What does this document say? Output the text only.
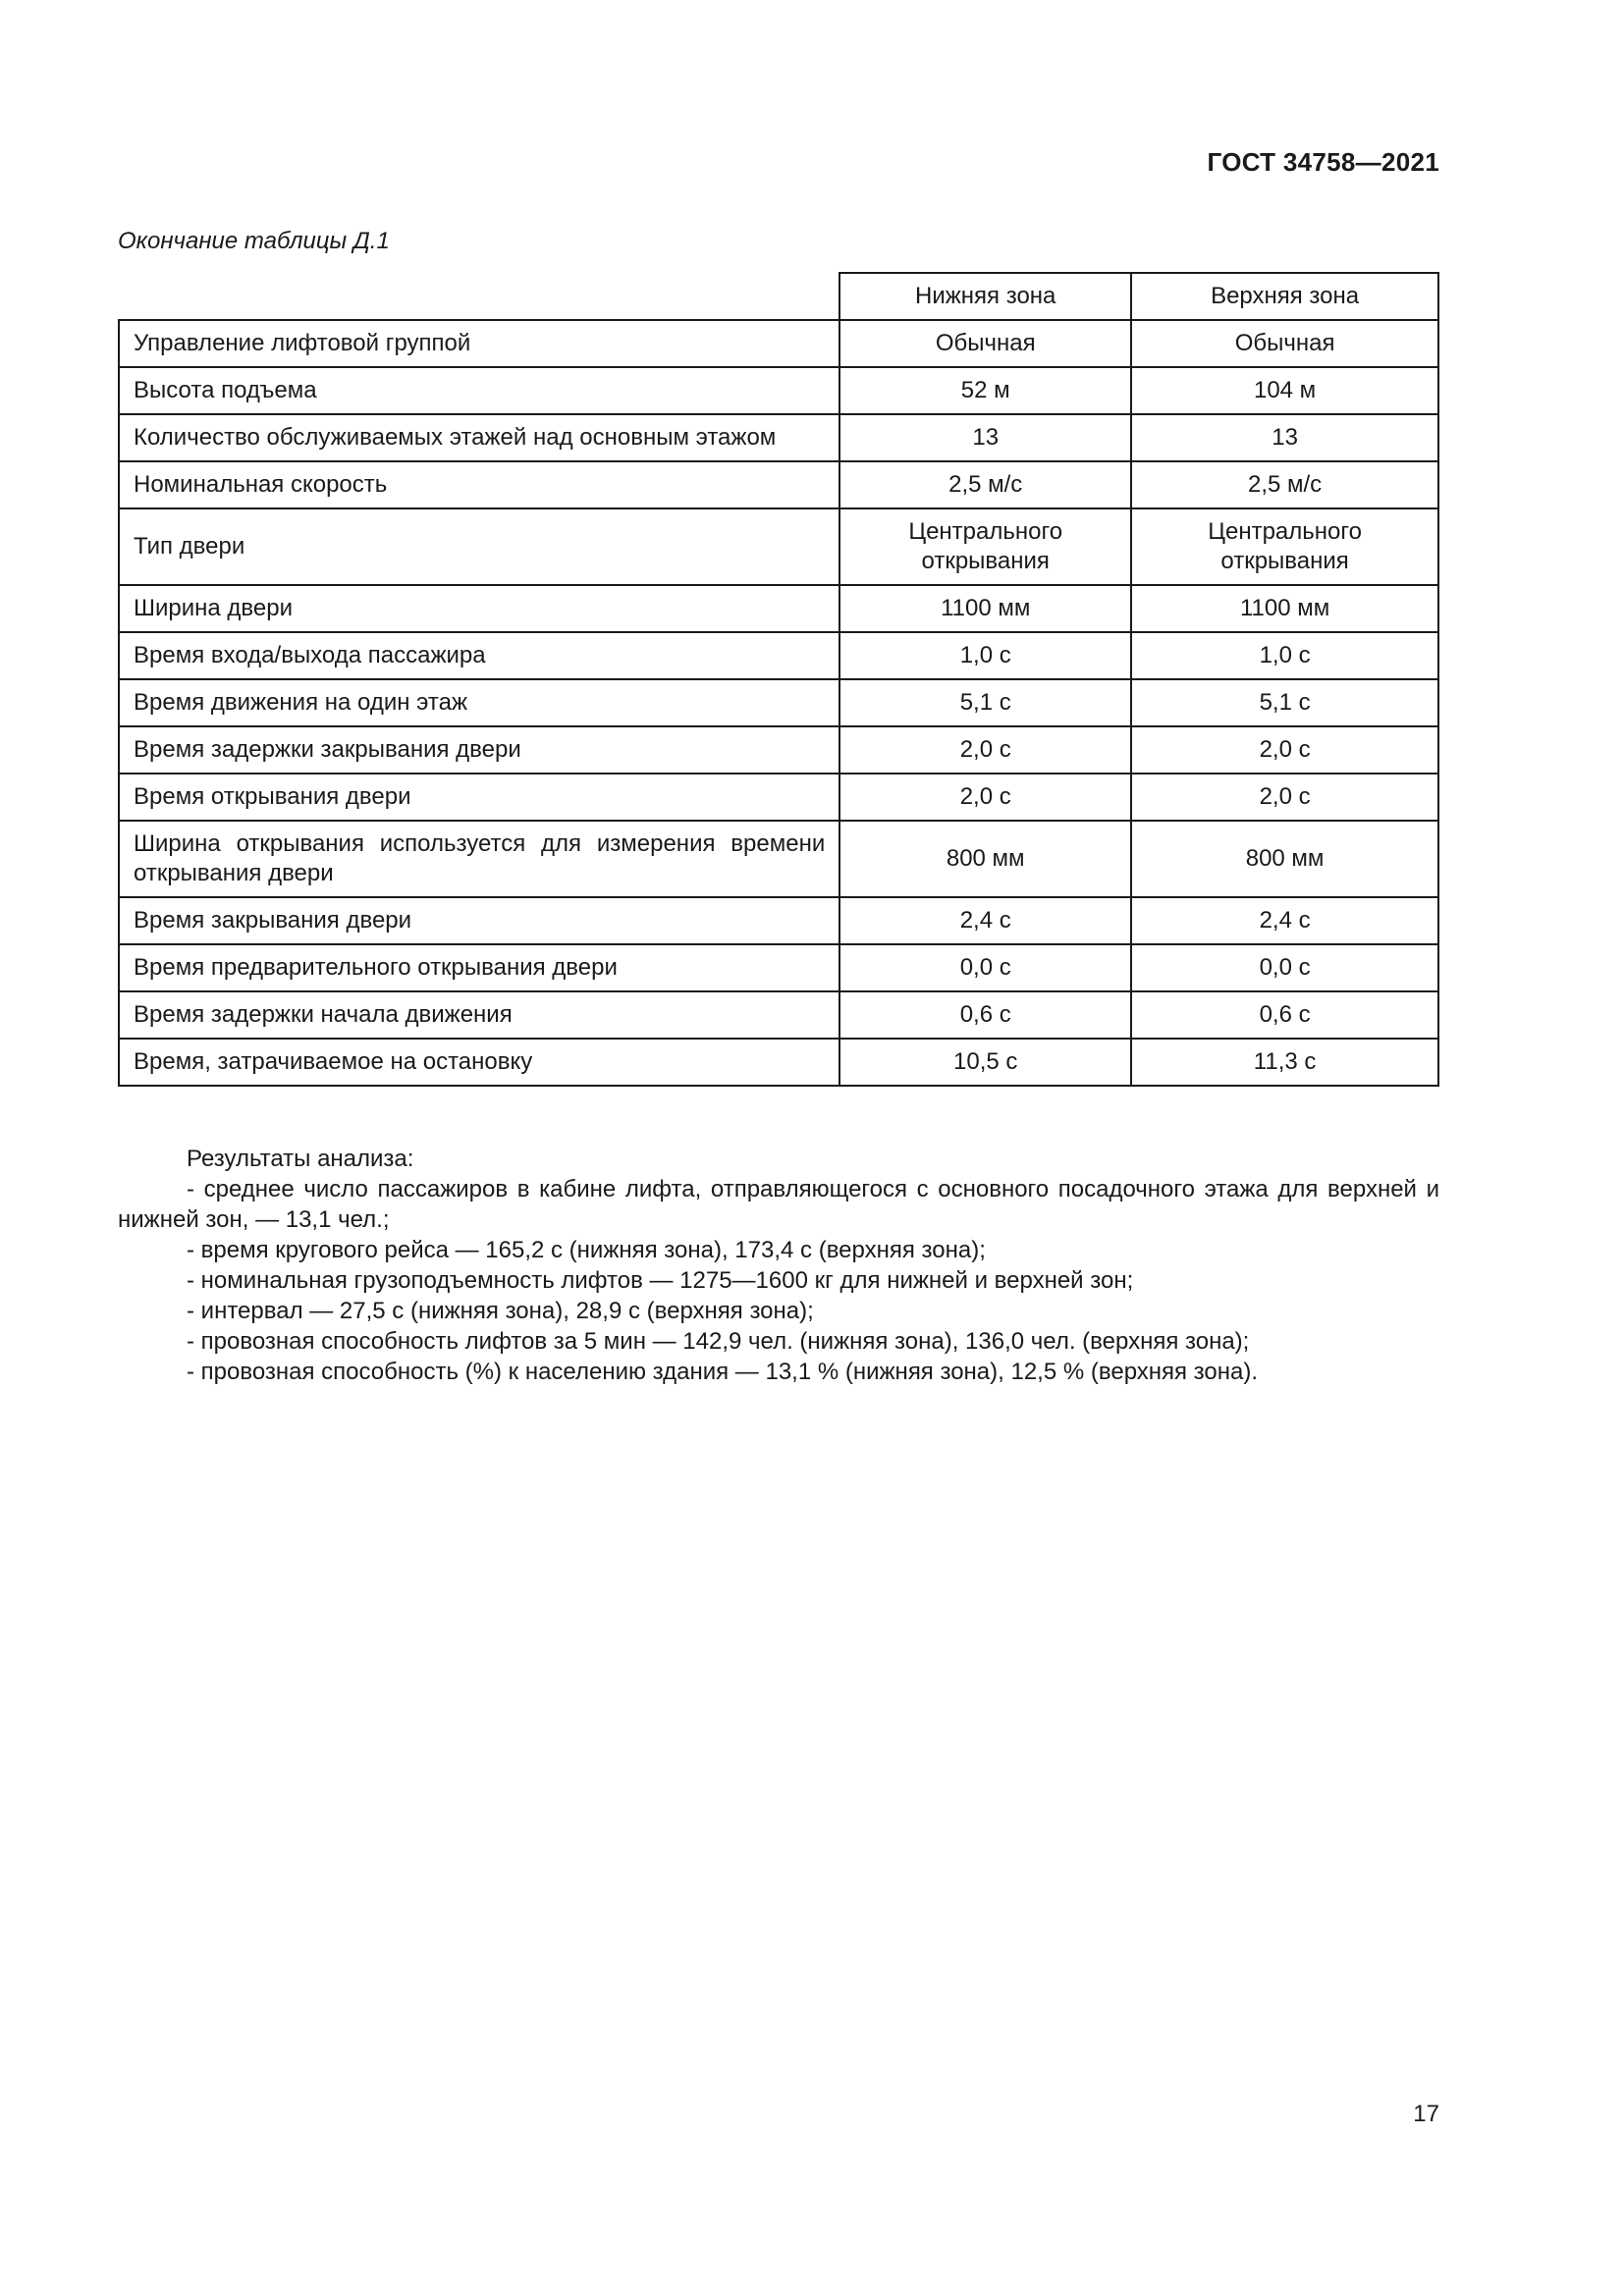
ГОСТ 34758—2021
Окончание таблицы Д.1
	Нижняя зона	Верхняя зона
Управление лифтовой группой	Обычная	Обычная
Высота подъема	52 м	104 м
Количество обслуживаемых этажей над основным этажом	13	13
Номинальная скорость	2,5 м/с	2,5 м/с
Тип двери	Центрального открывания	Центрального открывания
Ширина двери	1100 мм	1100 мм
Время входа/выхода пассажира	1,0 с	1,0 с
Время движения на один этаж	5,1 с	5,1 с
Время задержки закрывания двери	2,0 с	2,0 с
Время открывания двери	2,0 с	2,0 с
Ширина открывания используется для измерения времени открывания двери	800 мм	800 мм
Время закрывания двери	2,4 с	2,4 с
Время предварительного открывания двери	0,0 с	0,0 с
Время задержки начала движения	0,6 с	0,6 с
Время, затрачиваемое на остановку	10,5 с	11,3 с

Результаты анализа:

- среднее число пассажиров в кабине лифта, отправляющегося с основного посадочного этажа для верхней и нижней зон, — 13,1 чел.;

- время кругового рейса — 165,2 с (нижняя зона), 173,4 с (верхняя зона);

- номинальная грузоподъемность лифтов — 1275—1600 кг для нижней и верхней зон;

- интервал — 27,5 с (нижняя зона), 28,9 с (верхняя зона);

- провозная способность лифтов за 5 мин — 142,9 чел. (нижняя зона), 136,0 чел. (верхняя зона);

- провозная способность (%) к населению здания — 13,1 % (нижняя зона), 12,5 % (верхняя зона).

17
